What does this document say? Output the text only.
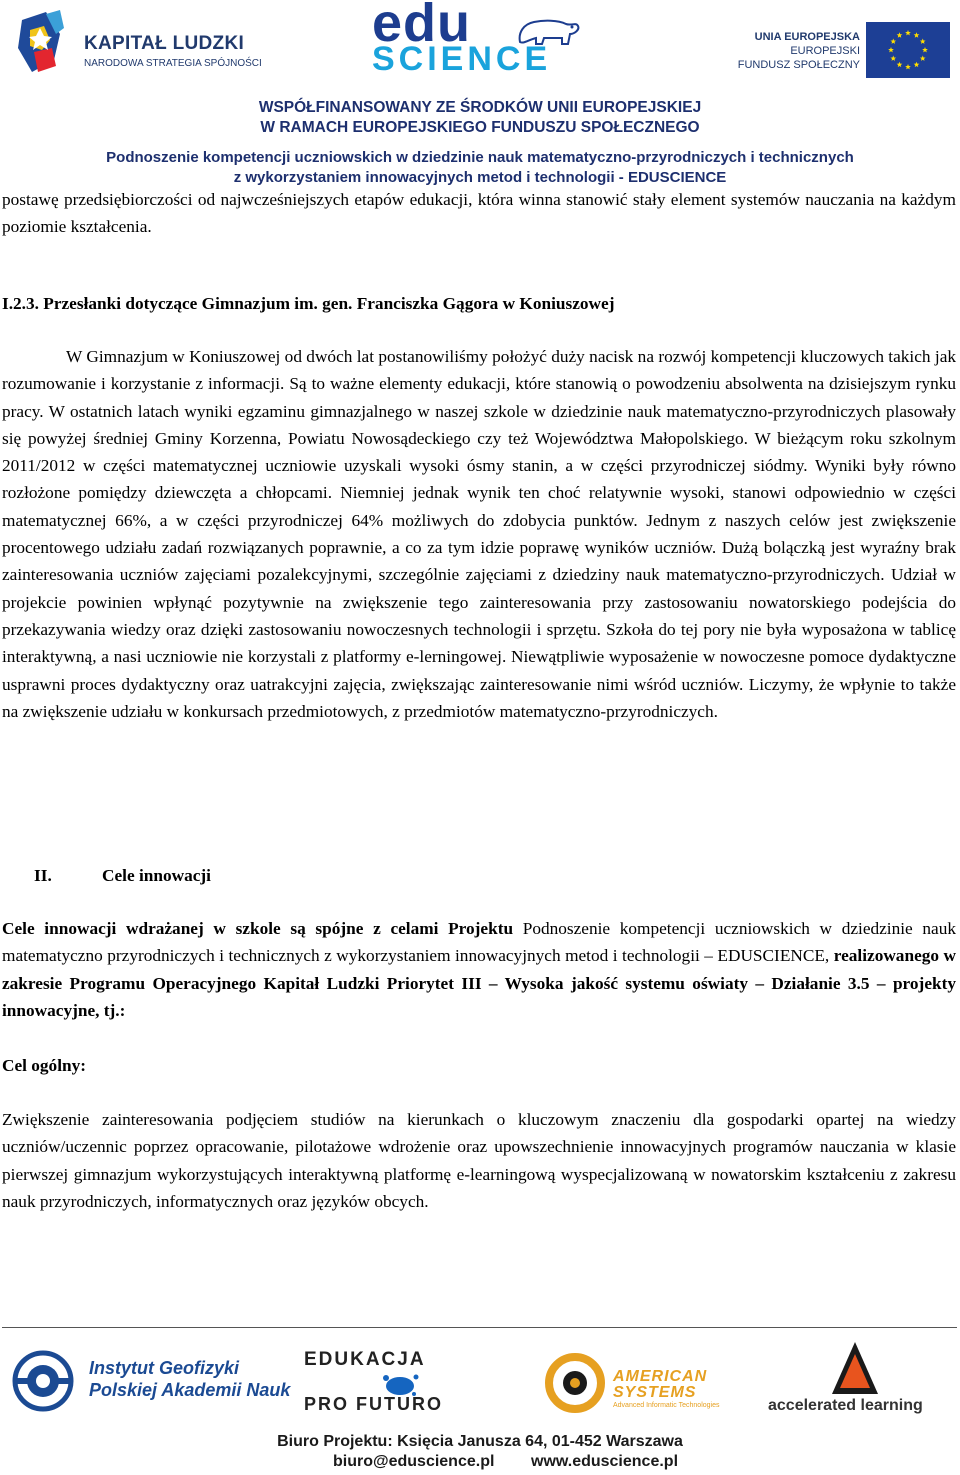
KAPITAŁ LUDZKI
NARODOWA STRATEGIA SPÓJNOŚCI
edu
SCIENCE
UNIA EUROPEJSKA
EUROPEJSKI
FUNDUSZ SPOŁECZNY
WSPÓŁFINANSOWANY ZE ŚRODKÓW UNII EUROPEJSKIEJ
W RAMACH EUROPEJSKIEGO FUNDUSZU SPOŁECZNEGO
Podnoszenie kompetencji uczniowskich w dziedzinie nauk matematyczno-przyrodniczych i technicznych
z wykorzystaniem innowacyjnych metod i technologii - EDUSCIENCE
postawę przedsiębiorczości od najwcześniejszych etapów edukacji, która winna stanowić stały element systemów nauczania na każdym poziomie kształcenia.
I.2.3. Przesłanki dotyczące Gimnazjum im. gen. Franciszka Gągora w Koniuszowej
W Gimnazjum w Koniuszowej od dwóch lat postanowiliśmy położyć duży nacisk na rozwój kompetencji kluczowych takich jak rozumowanie i korzystanie z informacji. Są to ważne elementy edukacji, które stanowią o powodzeniu absolwenta na dzisiejszym rynku pracy. W ostatnich latach wyniki egzaminu gimnazjalnego w naszej szkole w dziedzinie nauk matematyczno-przyrodniczych plasowały się powyżej średniej Gminy Korzenna, Powiatu Nowosądeckiego czy też Województwa Małopolskiego. W bieżącym roku szkolnym 2011/2012 w części matematycznej uczniowie uzyskali wysoki ósmy stanin, a w części przyrodniczej siódmy. Wyniki były równo rozłożone pomiędzy dziewczęta a chłopcami. Niemniej jednak wynik ten choć relatywnie wysoki, stanowi odpowiednio w części matematycznej 66%, a w części przyrodniczej 64% możliwych do zdobycia punktów. Jednym z naszych celów jest zwiększenie procentowego udziału zadań rozwiązanych poprawnie, a co za tym idzie poprawę wyników uczniów. Dużą bolączką jest wyraźny brak zainteresowania uczniów zajęciami pozalekcyjnymi, szczególnie zajęciami z dziedziny nauk matematyczno-przyrodniczych. Udział w projekcie powinien wpłynąć pozytywnie na zwiększenie tego zainteresowania przy zastosowaniu nowatorskiego podejścia do przekazywania wiedzy oraz dzięki zastosowaniu nowoczesnych technologii i sprzętu. Szkoła do tej pory nie była wyposażona w tablicę interaktywną, a nasi uczniowie nie korzystali z platformy e-lerningowej. Niewątpliwie wyposażenie w nowoczesne pomoce dydaktyczne usprawni proces dydaktyczny oraz uatrakcyjni zajęcia, zwiększając zainteresowanie nimi wśród uczniów. Liczymy, że wpłynie to także na zwiększenie udziału w konkursach przedmiotowych, z przedmiotów matematyczno-przyrodniczych.
II.	Cele innowacji
Cele innowacji wdrażanej w szkole są spójne z celami Projektu Podnoszenie kompetencji uczniowskich w dziedzinie nauk matematyczno przyrodniczych i technicznych z wykorzystaniem innowacyjnych metod i technologii – EDUSCIENCE, realizowanego w zakresie Programu Operacyjnego Kapitał Ludzki Priorytet III – Wysoka jakość systemu oświaty – Działanie 3.5 – projekty innowacyjne, tj.:
Cel ogólny:
Zwiększenie zainteresowania podjęciem studiów na kierunkach o kluczowym znaczeniu dla gospodarki opartej na wiedzy uczniów/uczennic poprzez opracowanie, pilotażowe wdrożenie oraz upowszechnienie innowacyjnych programów nauczania w klasie pierwszej gimnazjum wykorzystujących interaktywną platformę e-learningową wyspecjalizowaną w nowatorskim kształceniu z zakresu nauk przyrodniczych, informatycznych oraz języków obcych.
Instytut Geofizyki
Polskiej Akademii Nauk
EDUKACJA
PRO FUTURO
AMERICAN
SYSTEMS
Advanced Informatic Technologies	accelerated learning
Biuro Projektu: Księcia Janusza 64, 01-452 Warszawa
biuro@eduscience.pl www.eduscience.pl
